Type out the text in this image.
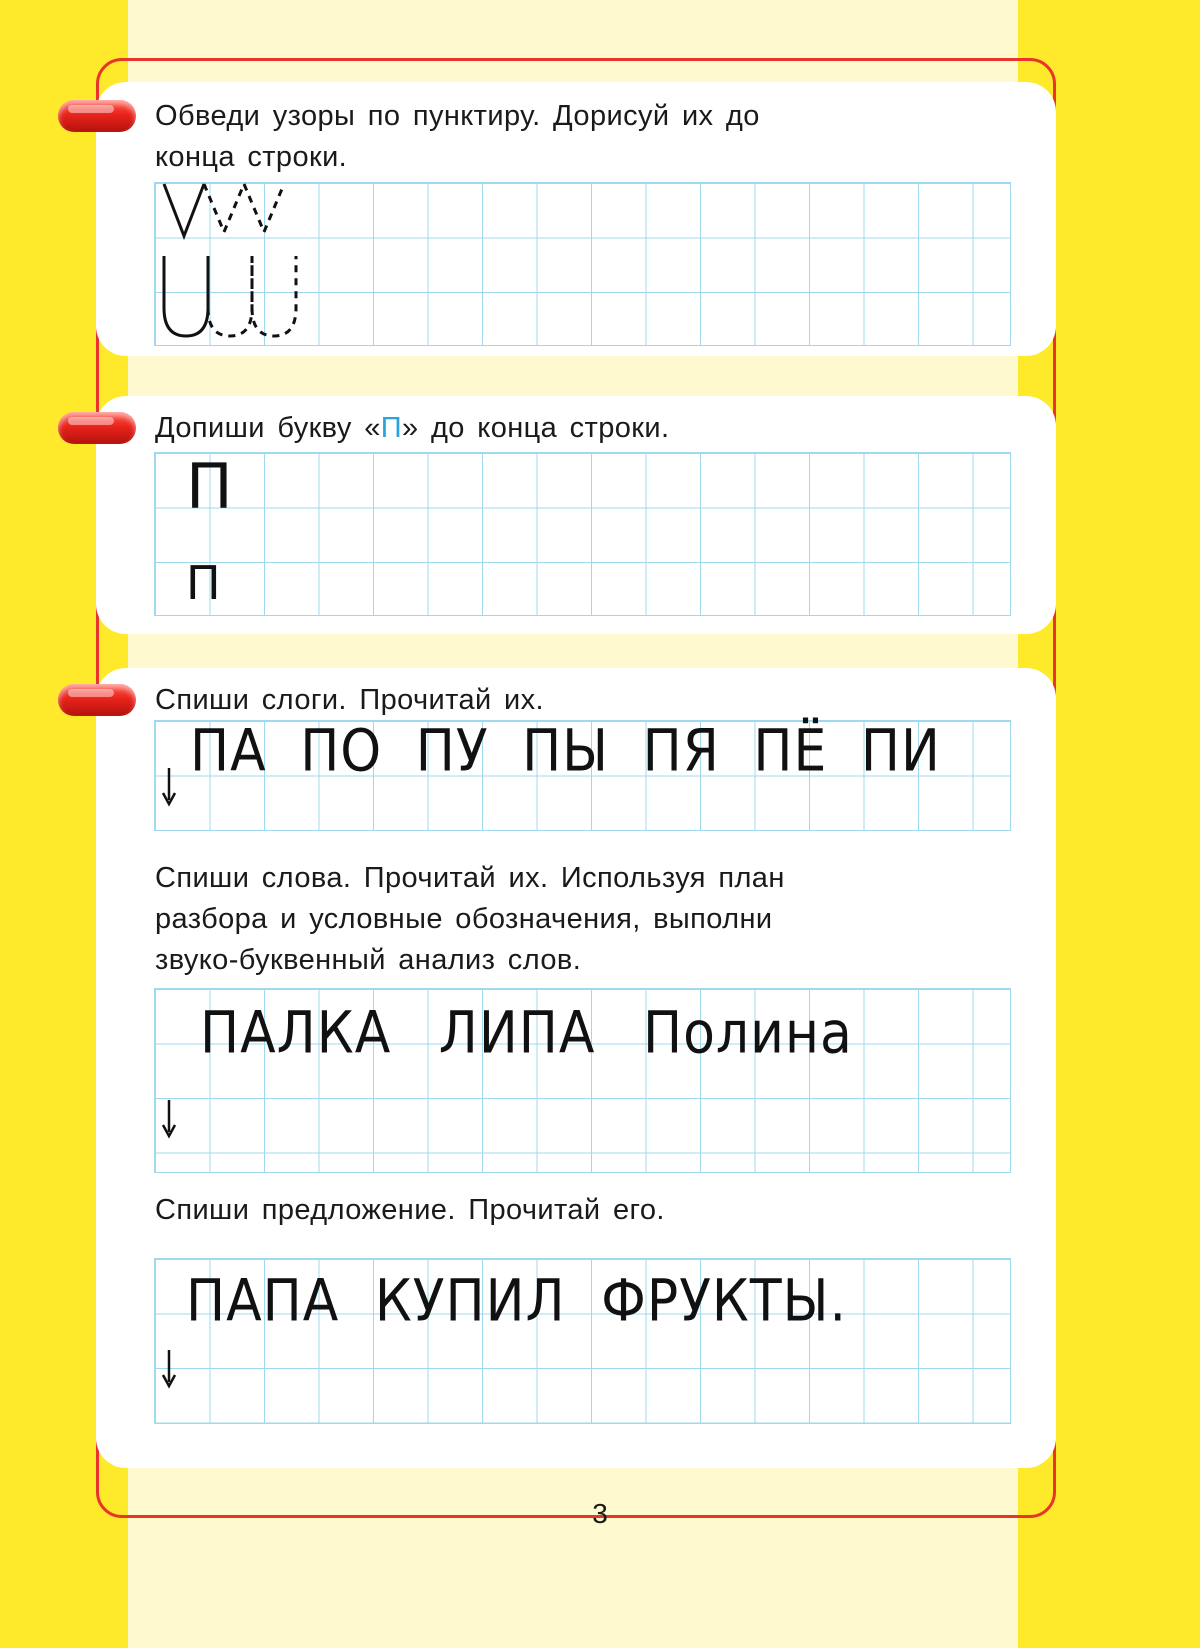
Обведи узоры по пунктиру. Дорисуй их до
конца строки.
Допиши букву «П» до конца строки.
П
П
Спиши слоги. Прочитай их.
ПА ПО ПУ ПЫ ПЯ ПЁ ПИ
Спиши слова. Прочитай их. Используя план
разбора и условные обозначения, выполни
звуко-буквенный анализ слов.
ПАЛКА ЛИПА Полина
Спиши предложение. Прочитай его.
ПАПА КУПИЛ ФРУКТЫ.
3
